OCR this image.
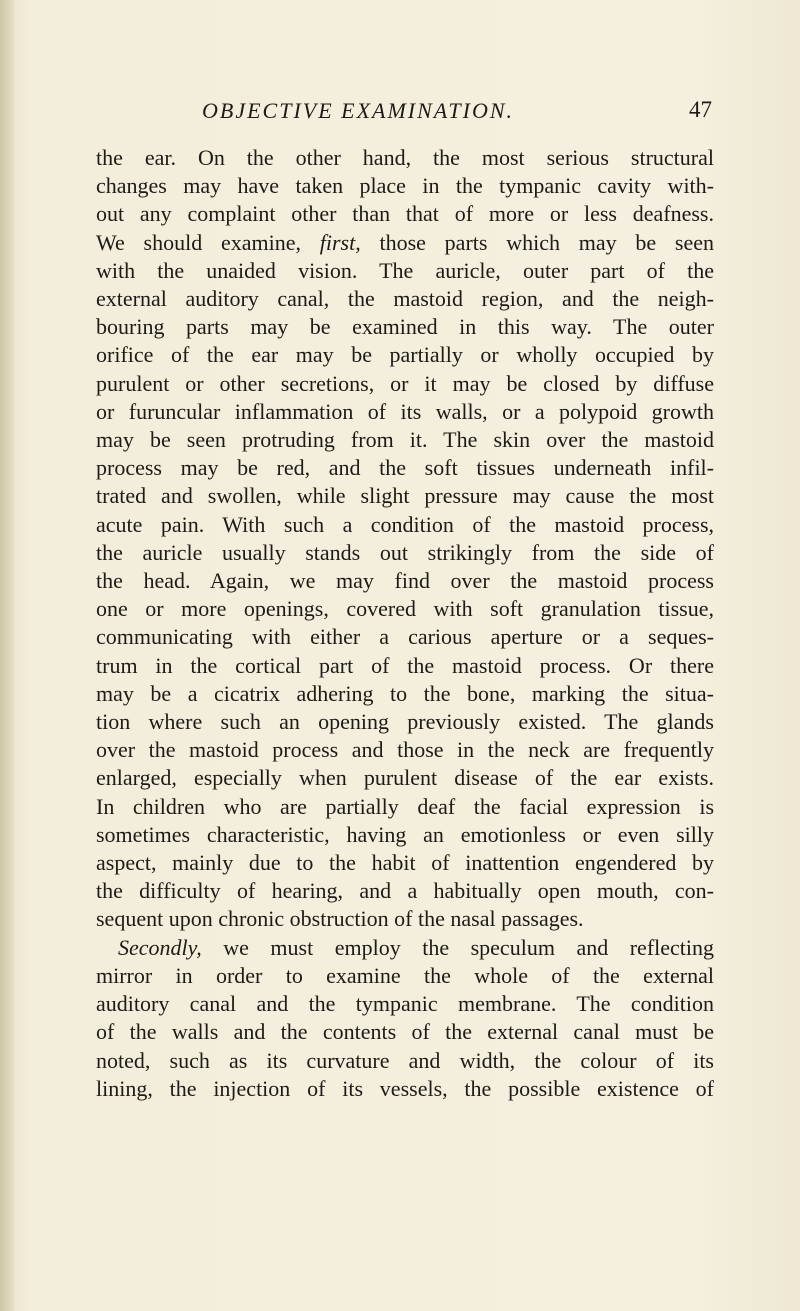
OBJECTIVE EXAMINATION.	47
the ear. On the other hand, the most serious structural
changes may have taken place in the tympanic cavity with-
out any complaint other than that of more or less deafness.
We should examine, first, those parts which may be seen
with the unaided vision. The auricle, outer part of the
external auditory canal, the mastoid region, and the neigh-
bouring parts may be examined in this way. The outer
orifice of the ear may be partially or wholly occupied by
purulent or other secretions, or it may be closed by diffuse
or furuncular inflammation of its walls, or a polypoid growth
may be seen protruding from it. The skin over the mastoid
process may be red, and the soft tissues underneath infil-
trated and swollen, while slight pressure may cause the most
acute pain. With such a condition of the mastoid process,
the auricle usually stands out strikingly from the side of
the head. Again, we may find over the mastoid process
one or more openings, covered with soft granulation tissue,
communicating with either a carious aperture or a seques-
trum in the cortical part of the mastoid process. Or there
may be a cicatrix adhering to the bone, marking the situa-
tion where such an opening previously existed. The glands
over the mastoid process and those in the neck are frequently
enlarged, especially when purulent disease of the ear exists.
In children who are partially deaf the facial expression is
sometimes characteristic, having an emotionless or even silly
aspect, mainly due to the habit of inattention engendered by
the difficulty of hearing, and a habitually open mouth, con-
sequent upon chronic obstruction of the nasal passages.
Secondly, we must employ the speculum and reflecting
mirror in order to examine the whole of the external
auditory canal and the tympanic membrane. The condition
of the walls and the contents of the external canal must be
noted, such as its curvature and width, the colour of its
lining, the injection of its vessels, the possible existence of
